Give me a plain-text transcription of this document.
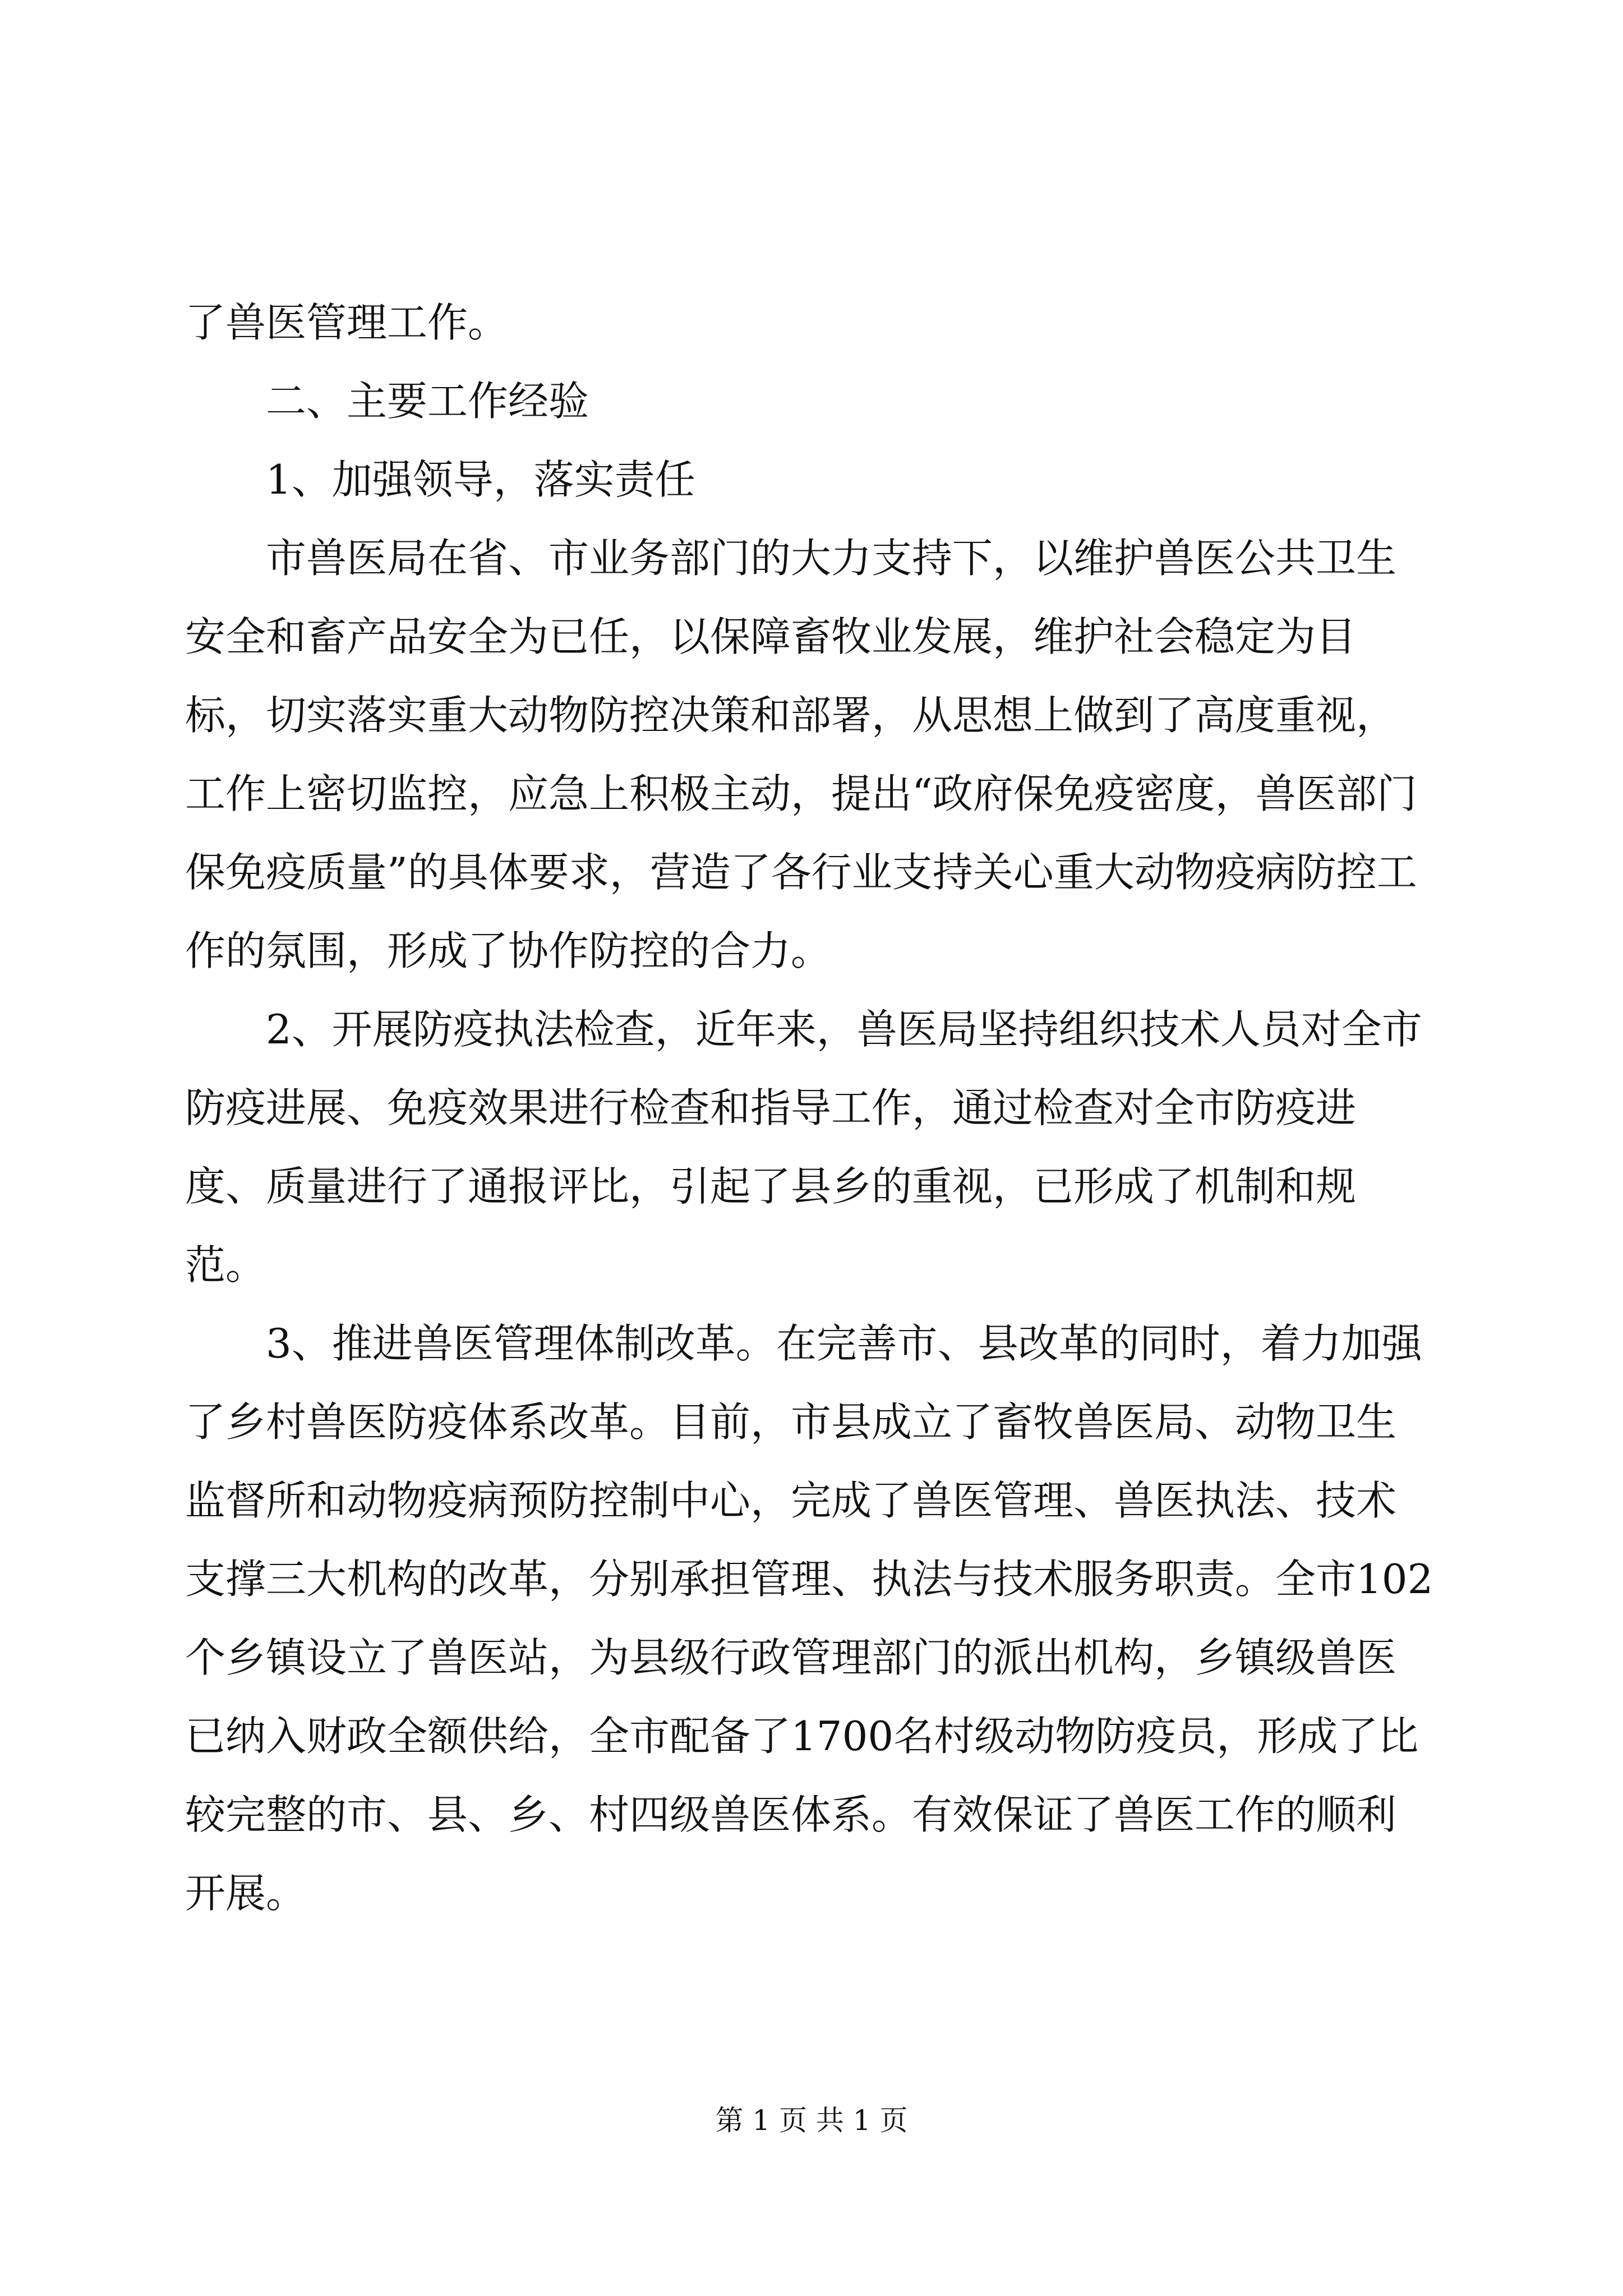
了兽医管理工作。

二、主要工作经验

1、加强领导，落实责任

市兽医局在省、市业务部门的大力支持下，以维护兽医公共卫生安全和畜产品安全为已任，以保障畜牧业发展，维护社会稳定为目标，切实落实重大动物防控决策和部署，从思想上做到了高度重视，工作上密切监控，应急上积极主动，提出“政府保免疫密度，兽医部门保免疫质量”的具体要求，营造了各行业支持关心重大动物疫病防控工作的氛围，形成了协作防控的合力。

2、开展防疫执法检查，近年来，兽医局坚持组织技术人员对全市防疫进展、免疫效果进行检查和指导工作，通过检查对全市防疫进度、质量进行了通报评比，引起了县乡的重视，已形成了机制和规范。

3、推进兽医管理体制改革。在完善市、县改革的同时，着力加强了乡村兽医防疫体系改革。目前，市县成立了畜牧兽医局、动物卫生监督所和动物疫病预防控制中心，完成了兽医管理、兽医执法、技术支撑三大机构的改革，分别承担管理、执法与技术服务职责。全市102个乡镇设立了兽医站，为县级行政管理部门的派出机构，乡镇级兽医已纳入财政全额供给，全市配备了1700名村级动物防疫员，形成了比较完整的市、县、乡、村四级兽医体系。有效保证了兽医工作的顺利开展。

第 1 页 共 1 页
